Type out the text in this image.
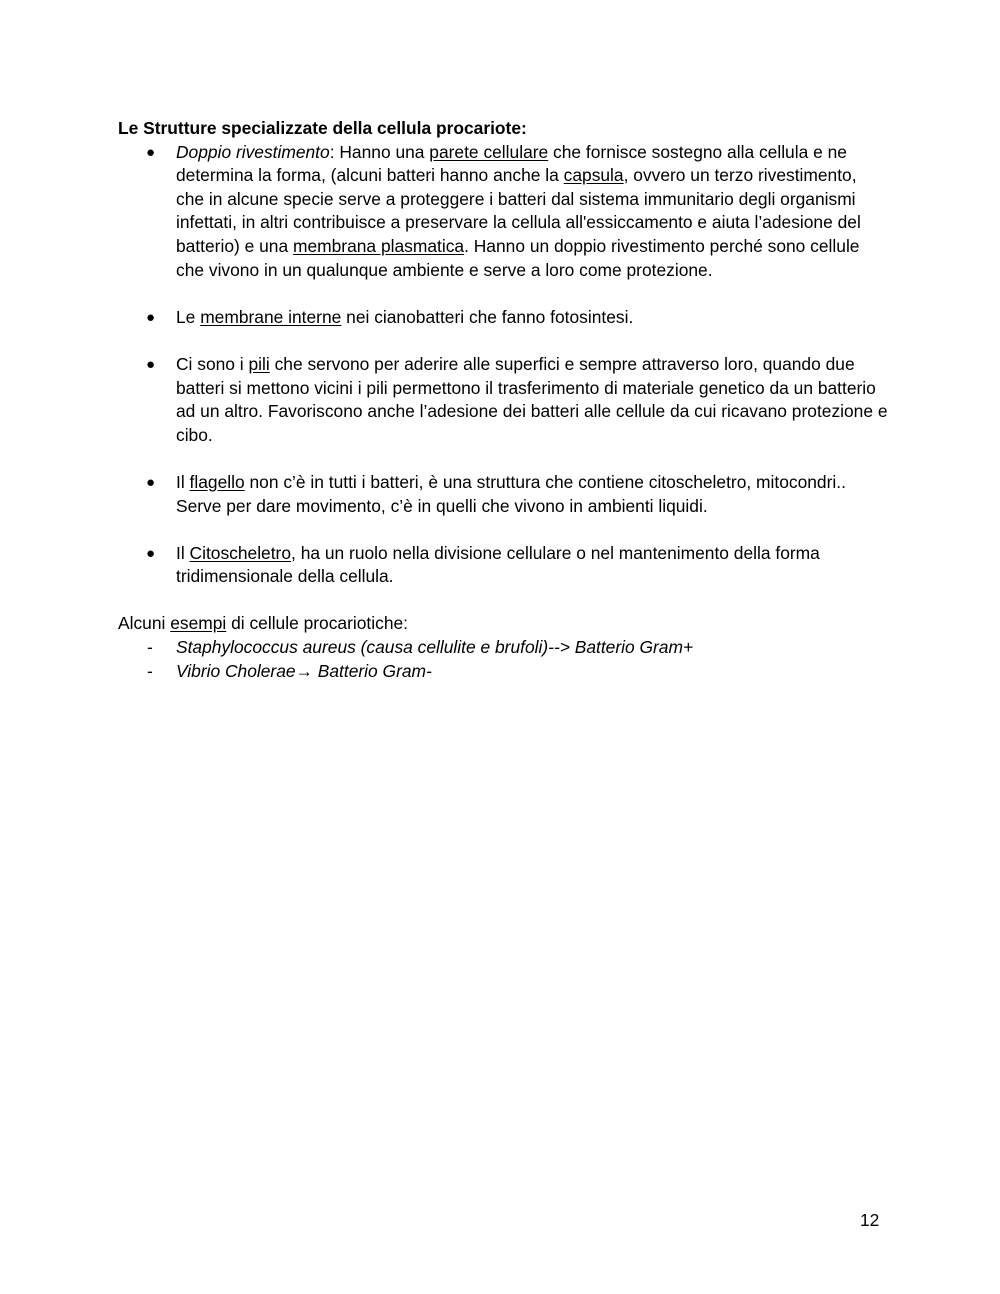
Le Strutture specializzate della cellula procariote:

● Doppio rivestimento: Hanno una parete cellulare che fornisce sostegno alla cellula e ne determina la forma, (alcuni batteri hanno anche la capsula, ovvero un terzo rivestimento, che in alcune specie serve a proteggere i batteri dal sistema immunitario degli organismi infettati, in altri contribuisce a preservare la cellula all'essiccamento e aiuta l’adesione del batterio) e una membrana plasmatica. Hanno un doppio rivestimento perché sono cellule che vivono in un qualunque ambiente e serve a loro come protezione.
● Le membrane interne nei cianobatteri che fanno fotosintesi.
● Ci sono i pili che servono per aderire alle superfici e sempre attraverso loro, quando due batteri si mettono vicini i pili permettono il trasferimento di materiale genetico da un batterio ad un altro. Favoriscono anche l’adesione dei batteri alle cellule da cui ricavano protezione e cibo.
● Il flagello non c’è in tutti i batteri, è una struttura che contiene citoscheletro, mitocondri.. Serve per dare movimento, c’è in quelli che vivono in ambienti liquidi.
● Il Citoscheletro, ha un ruolo nella divisione cellulare o nel mantenimento della forma tridimensionale della cellula.

Alcuni esempi di cellule procariotiche:

- Staphylococcus aureus (causa cellulite e brufoli)--> Batterio Gram+
- Vibrio Cholerae→ Batterio Gram-
12
